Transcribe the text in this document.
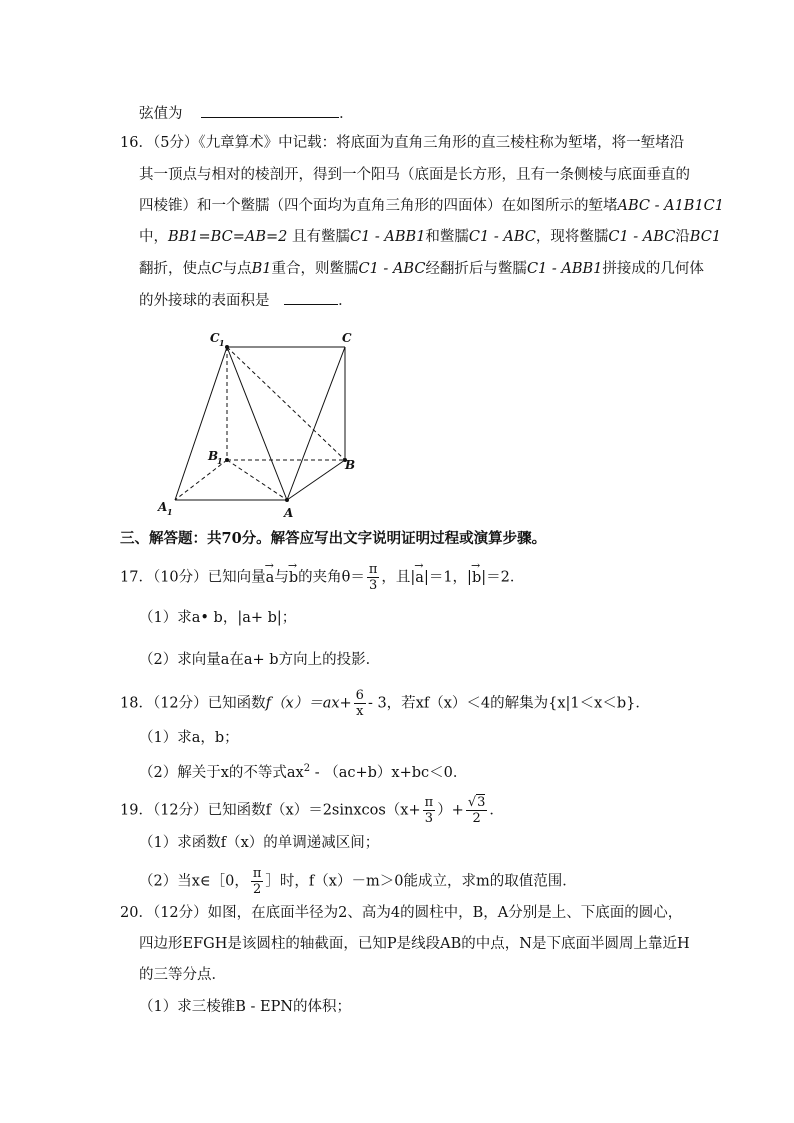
弦值为	．
16．（5分）《九章算术》中记载：将底面为直角三角形的直三棱柱称为堑堵，将一堑堵沿
其一顶点与相对的棱剖开，得到一个阳马（底面是长方形，且有一条侧棱与底面垂直的
四棱锥）和一个鳖臑（四个面均为直角三角形的四面体）在如图所示的堑堵ABC - A1B1C1
中，BB1=BC=AB=2 且有鳖臑C1 - ABB1和鳖臑C1 - ABC，现将鳖臑C1 - ABC沿BC1
翻折，使点C与点B1重合，则鳖臑C1 - ABC经翻折后与鳖臑C1 - ABB1拼接成的几何体
的外接球的表面积是	．
C 1	C
B
1	B
A 1	A
三、解答题：共70分。解答应写出文字说明证明过程或演算步骤。
17．（10分）已知向量→ a与→ b的夹角$\theta= \frac{\pi}{3}$ ，且|→ a|＝1，|→ b|＝2．
（1）求a• b，|a+ b|；
（2）求向量a在a+ b方向上的投影．
18．（12分）已知函数$f(x)=ax+ \frac{6}{x} - 3$，若xf（x）＜4的解集为{x|1＜x＜b}．
（1）求a，b；
（2）解关于x的不等式$ax^2 - (ac+b)x+bc<0$．
19．（12分）已知函数f（x）＝2sinxcos（x+ $\frac{\pi}{3}$ ）+ $\frac{√3}{2}$ ．
（1）求函数f（x）的单调递减区间；
（2）当x∈［0， $\frac{\pi}{2}$ ］时，f（x）－m＞0能成立，求m的取值范围．
20．（12分）如图，在底面半径为2、高为4的圆柱中，B，A分别是上、下底面的圆心，
四边形EFGH是该圆柱的轴截面，已知P是线段AB的中点，N是下底面半圆周上靠近H
的三等分点．
（1）求三棱锥B - EPN的体积；
